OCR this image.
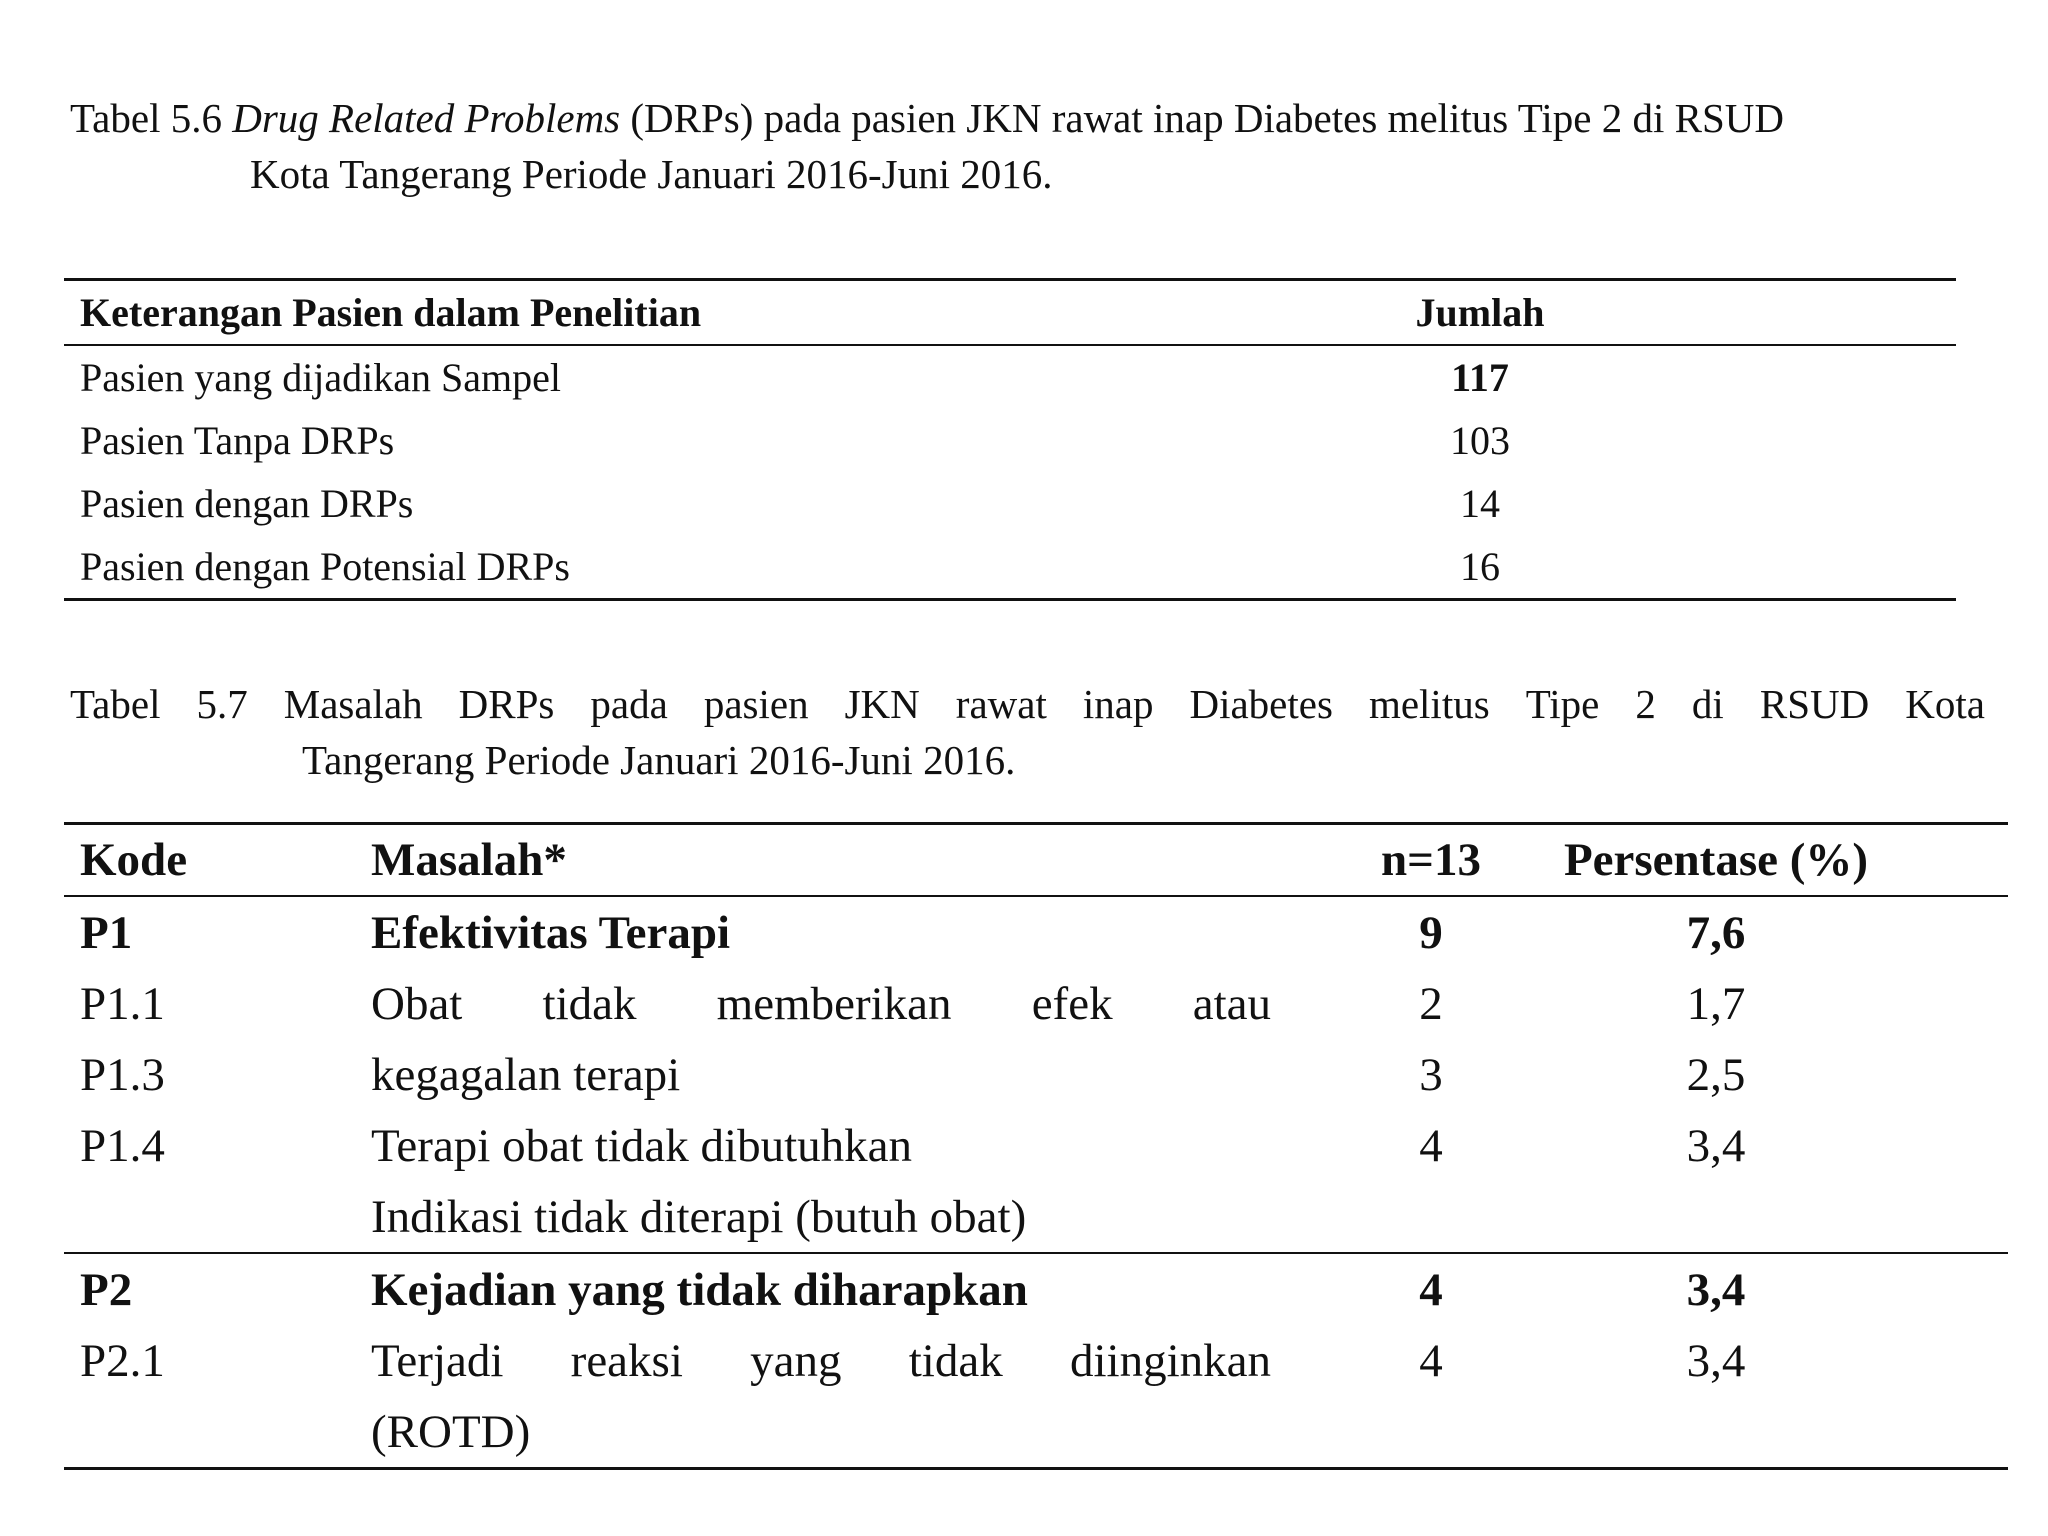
Tabel 5.6 Drug Related Problems (DRPs) pada pasien JKN rawat inap Diabetes melitus Tipe 2 di RSUD
Kota Tangerang Periode Januari 2016-Juni 2016.
Keterangan Pasien dalam Penelitian	Jumlah
Pasien yang dijadikan Sampel	117
Pasien Tanpa DRPs	103
Pasien dengan DRPs	14
Pasien dengan Potensial DRPs	16
Tabel 5.7 Masalah DRPs pada pasien JKN rawat inap Diabetes melitus Tipe 2 di RSUD Kota
Tangerang Periode Januari 2016-Juni 2016.
Kode	Masalah*	n=13	Persentase (%)
P1	Efektivitas Terapi	9	7,6
P1.1	Obat tidak memberikan efek atau	2	1,7
P1.3	kegagalan terapi	3	2,5
P1.4	Terapi obat tidak dibutuhkan	4	3,4
Indikasi tidak diterapi (butuh obat)
P2	Kejadian yang tidak diharapkan	4	3,4
P2.1	Terjadi reaksi yang tidak diinginkan	4	3,4
(ROTD)
